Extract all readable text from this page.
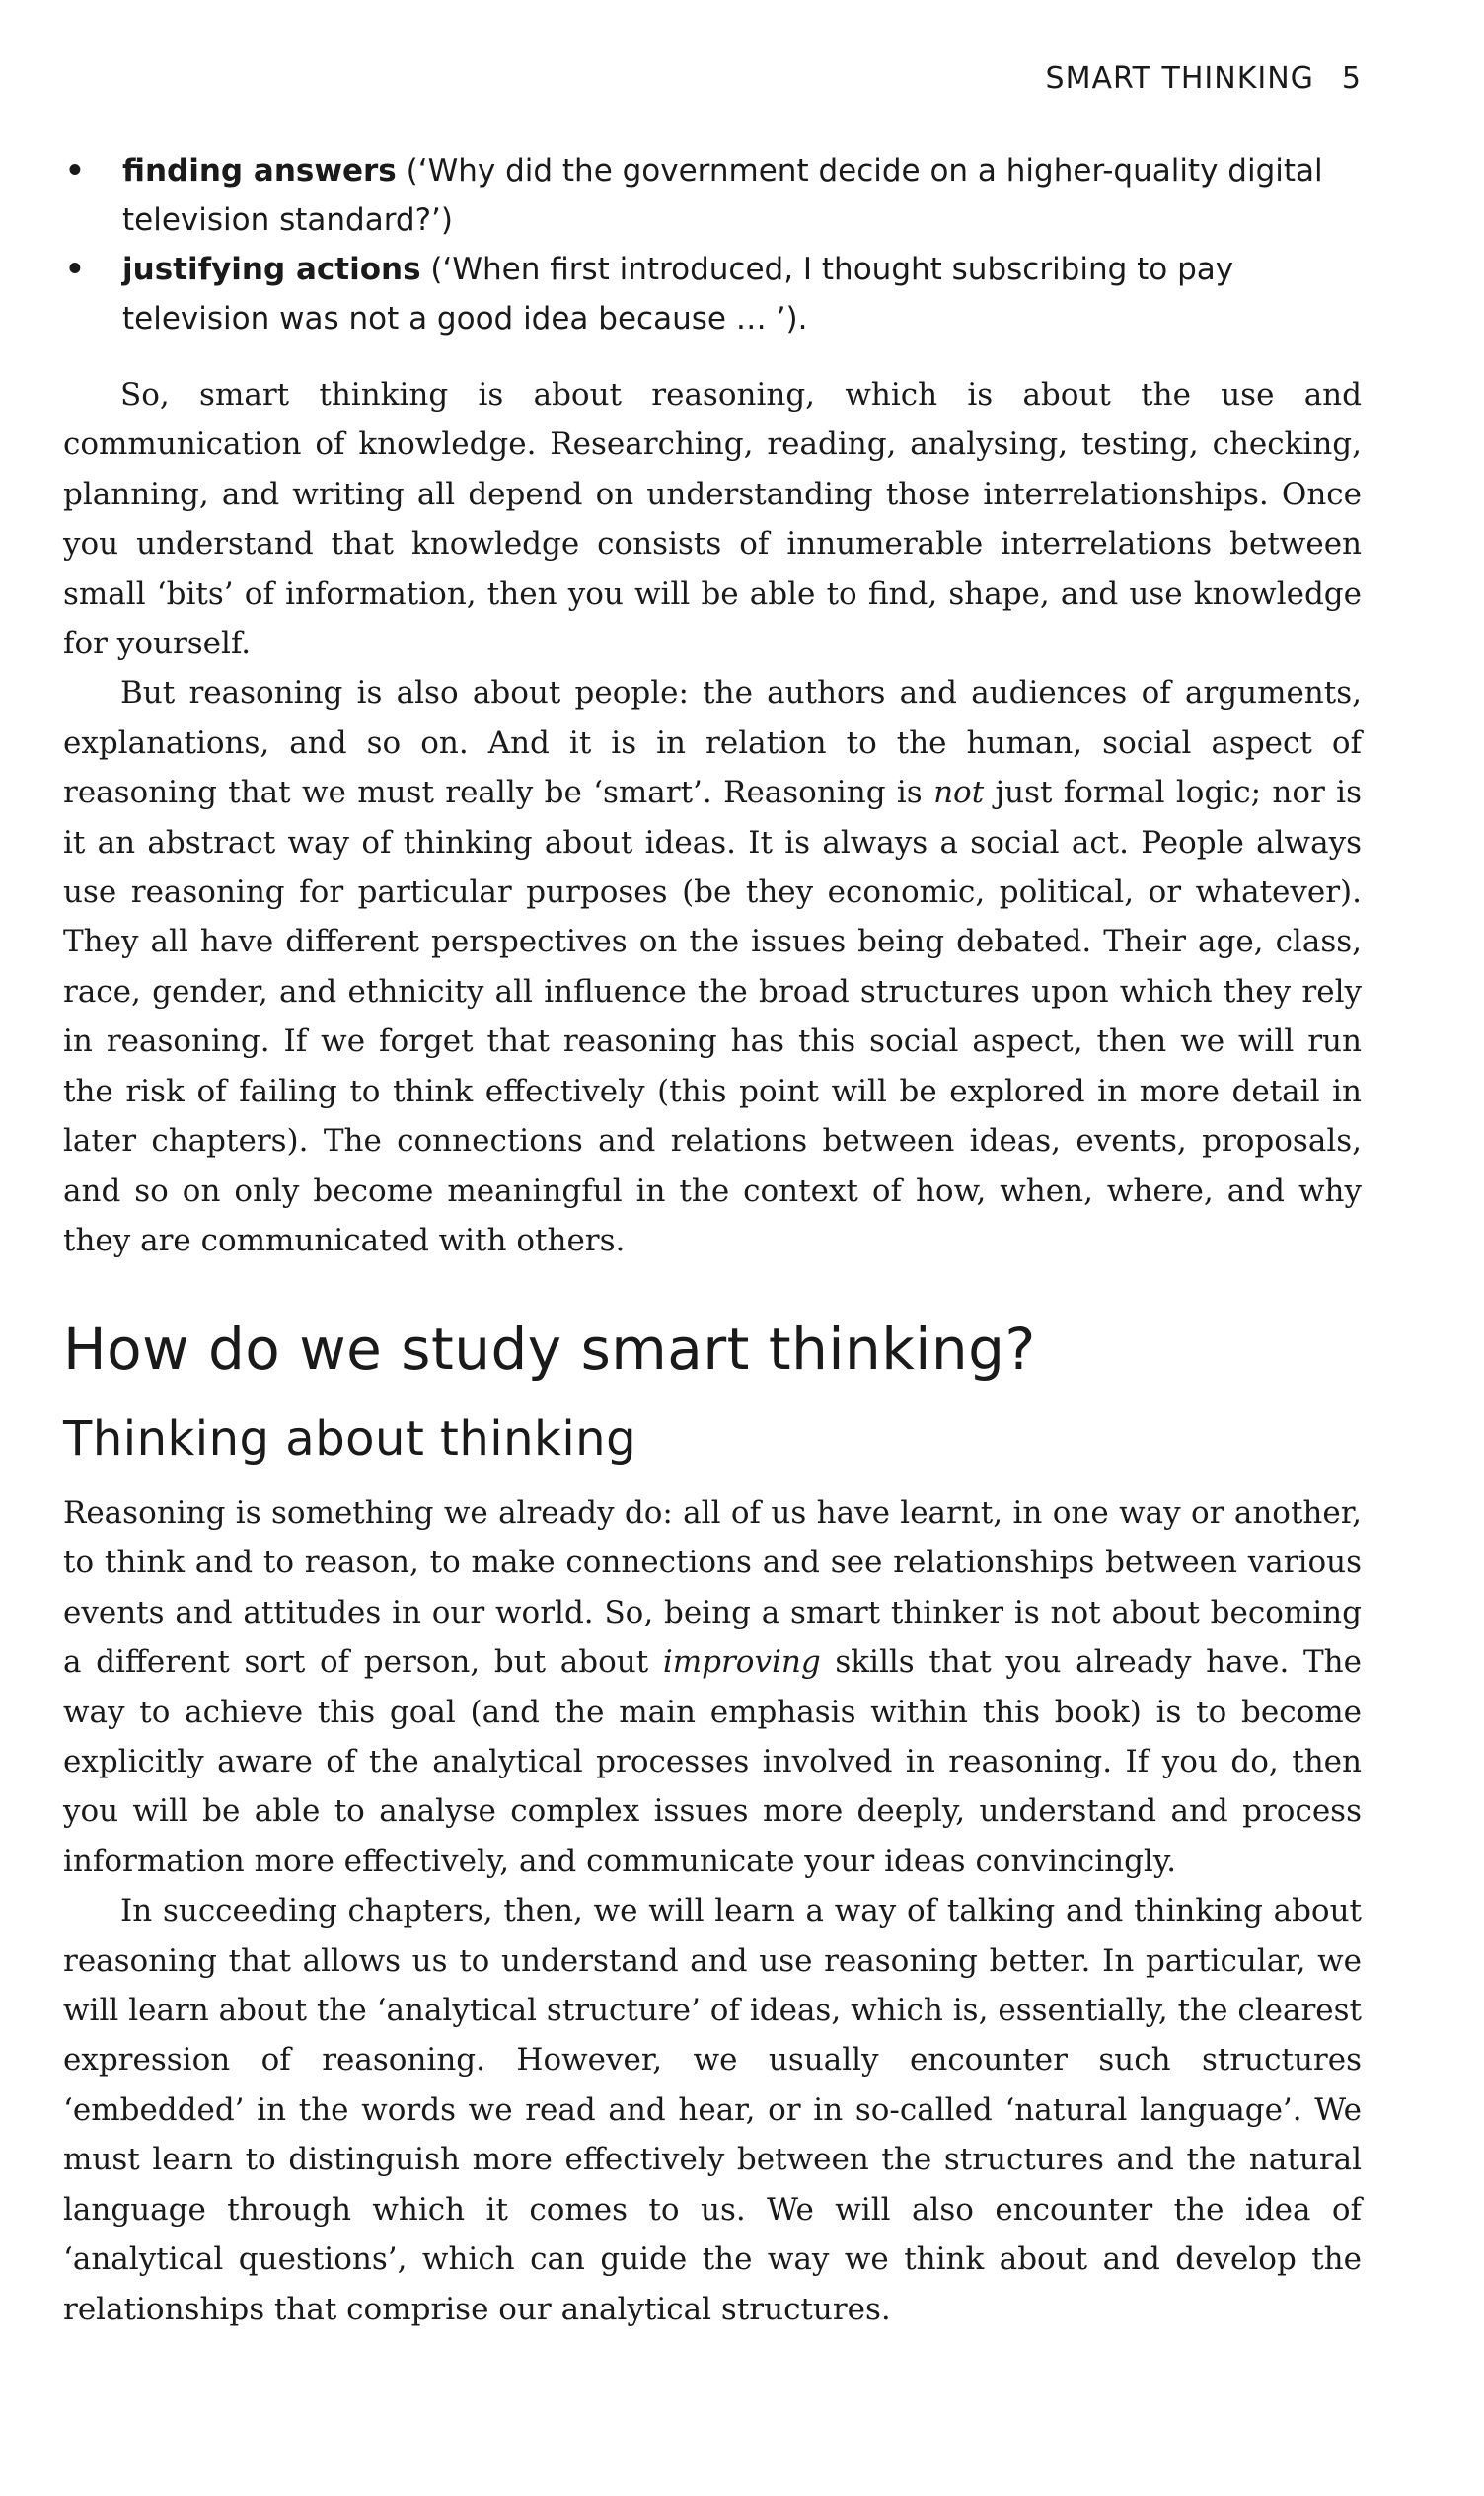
SMART THINKING 5
• finding answers (‘Why did the government decide on a higher-quality digital television standard?’)
• justifying actions (‘When first introduced, I thought subscribing to pay television was not a good idea because … ’).

So, smart thinking is about reasoning, which is about the use and communication of knowledge. Researching, reading, analysing, testing, checking, planning, and writing all depend on understanding those interrelationships. Once you understand that knowledge consists of innumerable interrelations between small ‘bits’ of information, then you will be able to find, shape, and use knowledge for yourself.

But reasoning is also about people: the authors and audiences of arguments, explanations, and so on. And it is in relation to the human, social aspect of reasoning that we must really be ‘smart’. Reasoning is not just formal logic; nor is it an abstract way of thinking about ideas. It is always a social act. People always use reasoning for particular purposes (be they economic, political, or whatever). They all have different perspectives on the issues being debated. Their age, class, race, gender, and ethnicity all influence the broad structures upon which they rely in reasoning. If we forget that reasoning has this social aspect, then we will run the risk of failing to think effectively (this point will be explored in more detail in later chapters). The connections and relations between ideas, events, proposals, and so on only become meaningful in the context of how, when, where, and why they are communicated with others.

How do we study smart thinking?
Thinking about thinking

Reasoning is something we already do: all of us have learnt, in one way or another, to think and to reason, to make connections and see relationships between various events and attitudes in our world. So, being a smart thinker is not about becoming a different sort of person, but about improving skills that you already have. The way to achieve this goal (and the main emphasis within this book) is to become explicitly aware of the analytical processes involved in reasoning. If you do, then you will be able to analyse complex issues more deeply, understand and process information more effectively, and communicate your ideas convincingly.

In succeeding chapters, then, we will learn a way of talking and thinking about reasoning that allows us to understand and use reasoning better. In particular, we will learn about the ‘analytical structure’ of ideas, which is, essentially, the clearest expression of reasoning. However, we usually encounter such structures ‘embedded’ in the words we read and hear, or in so-called ‘natural language’. We must learn to distinguish more effectively between the structures and the natural language through which it comes to us. We will also encounter the idea of ‘analytical questions’, which can guide the way we think about and develop the relationships that comprise our analytical structures.
